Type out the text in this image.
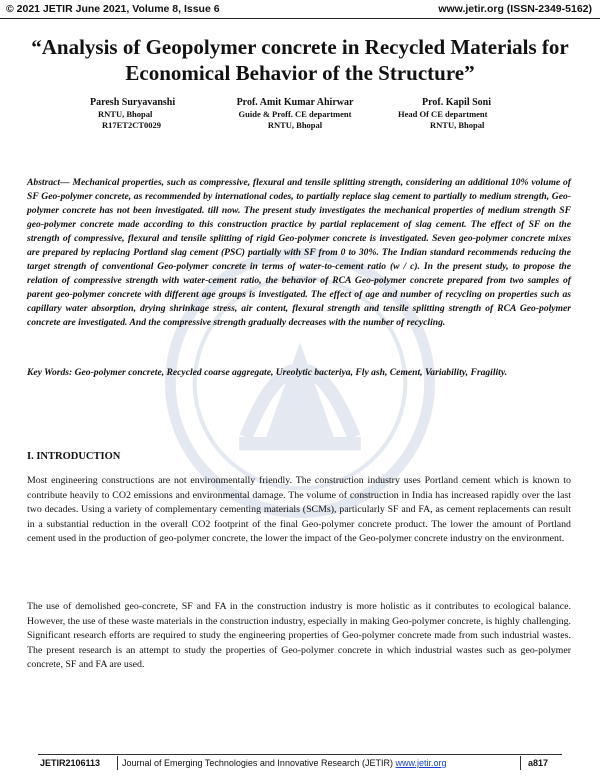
© 2021 JETIR June 2021, Volume 8, Issue 6	www.jetir.org (ISSN-2349-5162)
“Analysis of Geopolymer concrete in Recycled Materials for Economical Behavior of the Structure”
Paresh Suryavanshi
RNTU, Bhopal
R17ET2CT0029
Prof. Amit Kumar Ahirwar
Guide & Proff. CE department
RNTU, Bhopal
Prof. Kapil Soni
Head Of CE department
RNTU, Bhopal

Abstract— Mechanical properties, such as compressive, flexural and tensile splitting strength, considering an additional 10% volume of SF Geo-polymer concrete, as recommended by international codes, to partially replace slag cement to partially to medium strength, Geo-polymer concrete has not been investigated. till now. The present study investigates the mechanical properties of medium strength SF geo-polymer concrete made according to this construction practice by partial replacement of slag cement. The effect of SF on the strength of compressive, flexural and tensile splitting of rigid Geo-polymer concrete is investigated. Seven geo-polymer concrete mixes are prepared by replacing Portland slag cement (PSC) partially with SF from 0 to 30%. The Indian standard recommends reducing the target strength of conventional Geo-polymer concrete in terms of water-to-cement ratio (w / c). In the present study, to propose the relation of compressive strength with water-cement ratio, the behavior of RCA Geo-polymer concrete prepared from two samples of parent geo-polymer concrete with different age groups is investigated. The effect of age and number of recycling on properties such as capillary water absorption, drying shrinkage stress, air content, flexural strength and tensile splitting strength of RCA Geo-polymer concrete are investigated. And the compressive strength gradually decreases with the number of recycling.

Key Words: Geo-polymer concrete, Recycled coarse aggregate, Ureolytic bacteriya, Fly ash, Cement, Variability, Fragility.

I. INTRODUCTION

Most engineering constructions are not environmentally friendly. The construction industry uses Portland cement which is known to contribute heavily to CO2 emissions and environmental damage. The volume of construction in India has increased rapidly over the last two decades. Using a variety of complementary cementing materials (SCMs), particularly SF and FA, as cement replacements can result in a substantial reduction in the overall CO2 footprint of the final Geo-polymer concrete product. The lower the amount of Portland cement used in the production of geo-polymer concrete, the lower the impact of the Geo-polymer concrete industry on the environment.

The use of demolished geo-concrete, SF and FA in the construction industry is more holistic as it contributes to ecological balance. However, the use of these waste materials in the construction industry, especially in making Geo-polymer concrete, is highly challenging. Significant research efforts are required to study the engineering properties of Geo-polymer concrete made from such industrial wastes. The present research is an attempt to study the properties of Geo-polymer concrete in which industrial wastes such as geo-polymer concrete, SF and FA are used.

JETIR2106113 Journal of Emerging Technologies and Innovative Research (JETIR) www.jetir.org	a817
